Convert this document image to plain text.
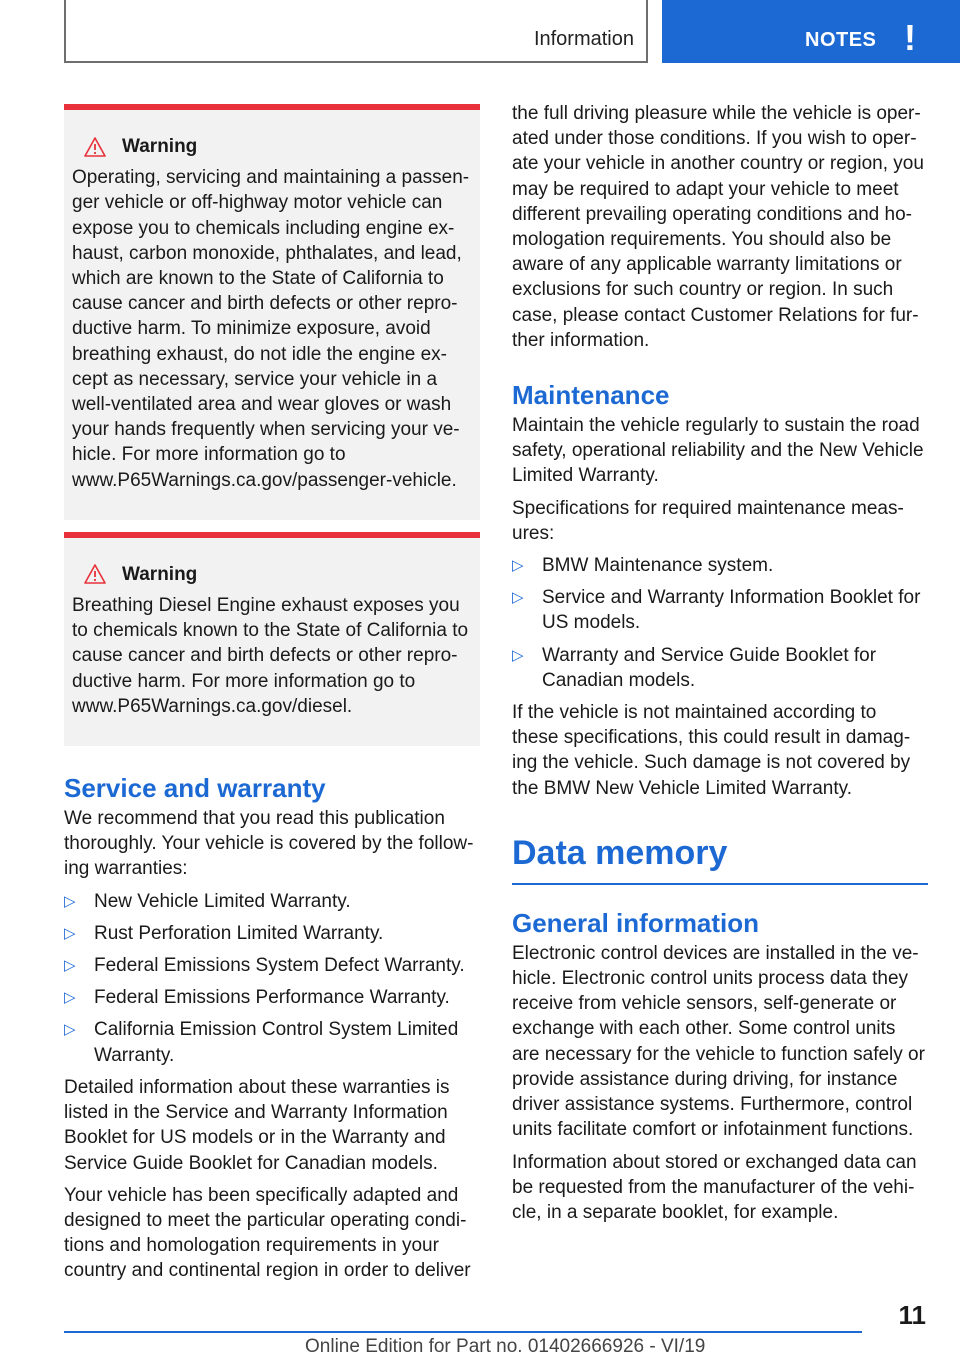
Information	NOTES !
Warning

Operating, servicing and maintaining a passenger vehicle or off-highway motor vehicle can expose you to chemicals including engine exhaust, carbon monoxide, phthalates, and lead, which are known to the State of California to cause cancer and birth defects or other reproductive harm. To minimize exposure, avoid breathing exhaust, do not idle the engine except as necessary, service your vehicle in a well-ventilated area and wear gloves or wash your hands frequently when servicing your vehicle. For more information go to www.P65Warnings.ca.gov/passenger-vehicle.

Warning

Breathing Diesel Engine exhaust exposes you to chemicals known to the State of California to cause cancer and birth defects or other reproductive harm. For more information go to www.P65Warnings.ca.gov/diesel.

Service and warranty

We recommend that you read this publication thoroughly. Your vehicle is covered by the following warranties:

▷ New Vehicle Limited Warranty.
▷ Rust Perforation Limited Warranty.
▷ Federal Emissions System Defect Warranty.
▷ Federal Emissions Performance Warranty.
▷ California Emission Control System Limited Warranty.

Detailed information about these warranties is listed in the Service and Warranty Information Booklet for US models or in the Warranty and Service Guide Booklet for Canadian models.

Your vehicle has been specifically adapted and designed to meet the particular operating conditions and homologation requirements in your country and continental region in order to deliver

the full driving pleasure while the vehicle is operated under those conditions. If you wish to operate your vehicle in another country or region, you may be required to adapt your vehicle to meet different prevailing operating conditions and homologation requirements. You should also be aware of any applicable warranty limitations or exclusions for such country or region. In such case, please contact Customer Relations for further information.

Maintenance

Maintain the vehicle regularly to sustain the road safety, operational reliability and the New Vehicle Limited Warranty.

Specifications for required maintenance measures:

▷ BMW Maintenance system.
▷ Service and Warranty Information Booklet for US models.
▷ Warranty and Service Guide Booklet for Canadian models.

If the vehicle is not maintained according to these specifications, this could result in damaging the vehicle. Such damage is not covered by the BMW New Vehicle Limited Warranty.

Data memory
General information

Electronic control devices are installed in the vehicle. Electronic control units process data they receive from vehicle sensors, self-generate or exchange with each other. Some control units are necessary for the vehicle to function safely or provide assistance during driving, for instance driver assistance systems. Furthermore, control units facilitate comfort or infotainment functions.

Information about stored or exchanged data can be requested from the manufacturer of the vehicle, in a separate booklet, for example.

11
Online Edition for Part no. 01402666926 - VI/19
